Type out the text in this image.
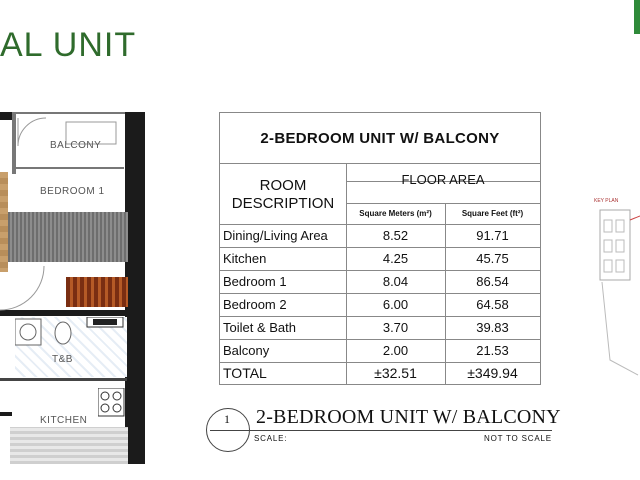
AL UNIT
BALCONY
BEDROOM 1
T&B
KITCHEN
2-BEDROOM UNIT W/ BALCONY
ROOM
DESCRIPTION
FLOOR AREA
Square Meters (m²)	Square Feet (ft²)
Dining/Living Area	8.52	91.71
Kitchen	4.25	45.75
Bedroom 1	8.04	86.54
Bedroom 2	6.00	64.58
Toilet & Bath	3.70	39.83
Balcony	2.00	21.53
TOTAL	±32.51	±349.94
1 2-BEDROOM UNIT W/ BALCONY
SCALE:	NOT TO SCALE
KEY PLAN
